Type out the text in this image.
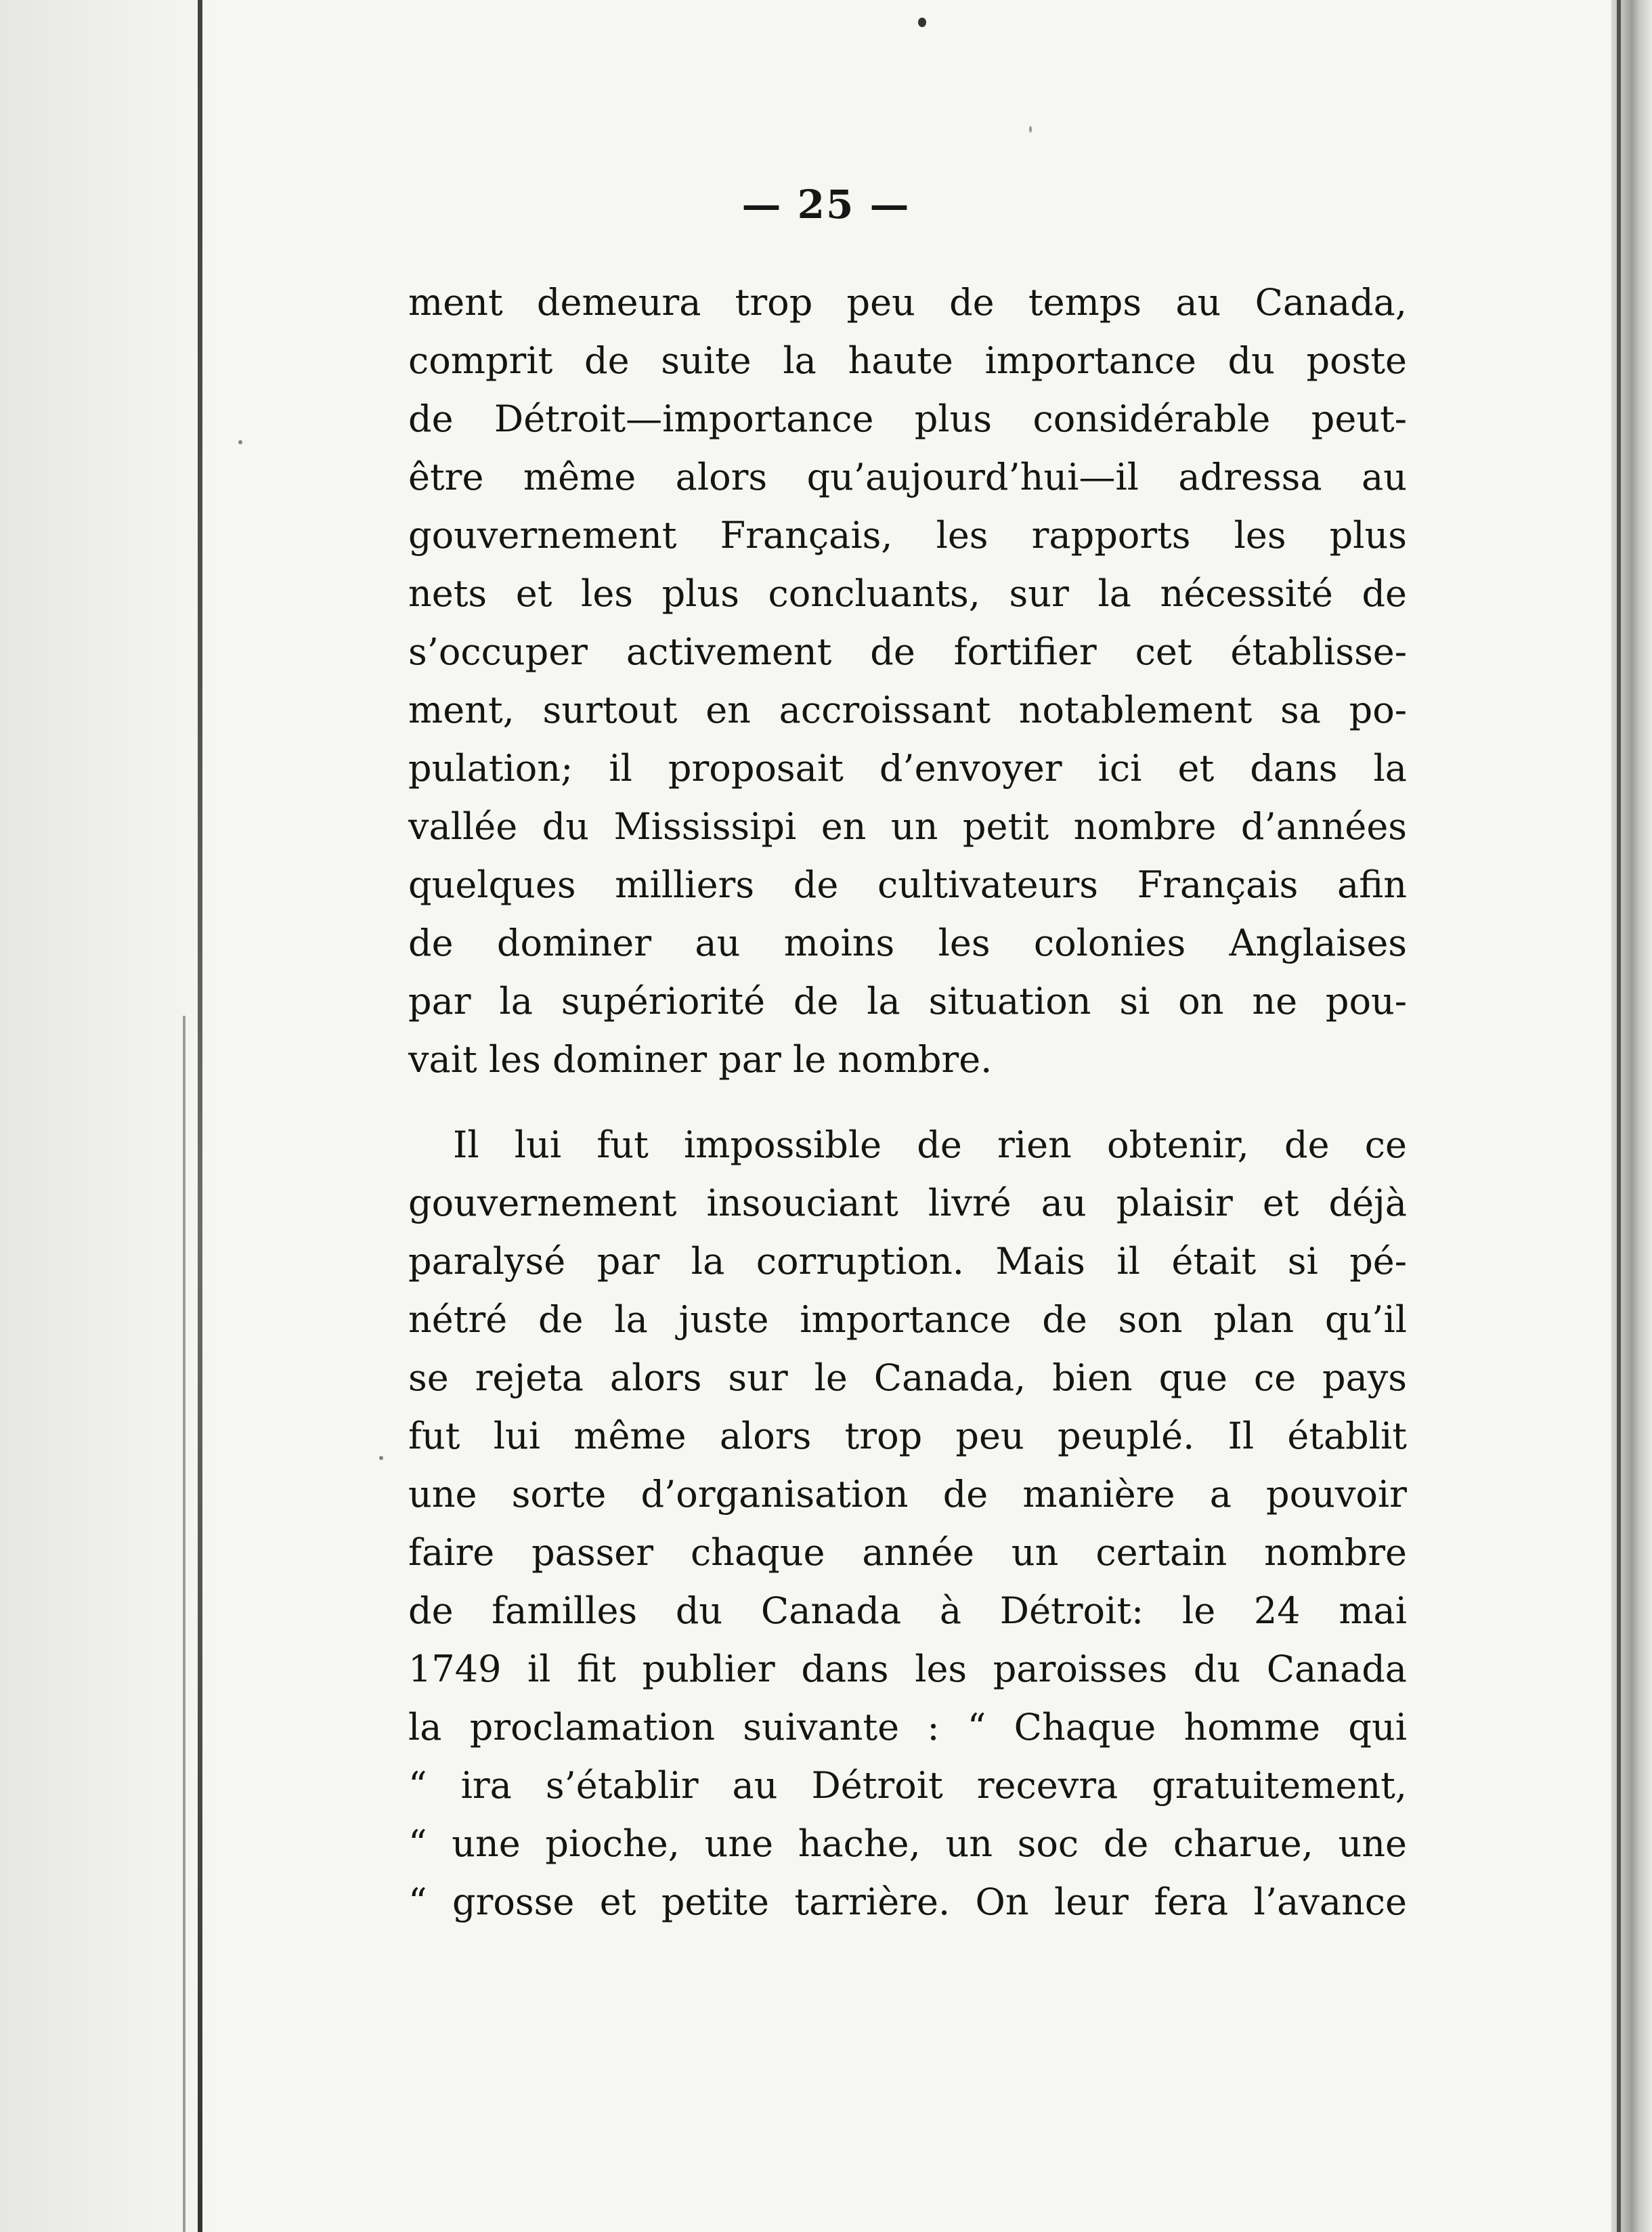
— 25 —
ment demeura trop peu de temps au Canada,
comprit de suite la haute importance du poste
de Détroit—importance plus considérable peut-
être même alors qu’aujourd’hui—il adressa au
gouvernement Français, les rapports les plus
nets et les plus concluants, sur la nécessité de
s’occuper activement de fortifier cet établisse-
ment, surtout en accroissant notablement sa po-
pulation; il proposait d’envoyer ici et dans la
vallée du Mississipi en un petit nombre d’années
quelques milliers de cultivateurs Français afin
de dominer au moins les colonies Anglaises
par la supériorité de la situation si on ne pou-
vait les dominer par le nombre.
Il lui fut impossible de rien obtenir, de ce
gouvernement insouciant livré au plaisir et déjà
paralysé par la corruption. Mais il était si pé-
nétré de la juste importance de son plan qu’il
se rejeta alors sur le Canada, bien que ce pays
fut lui même alors trop peu peuplé. Il établit
une sorte d’organisation de manière a pouvoir
faire passer chaque année un certain nombre
de familles du Canada à Détroit: le 24 mai
1749 il fit publier dans les paroisses du Canada
la proclamation suivante : “ Chaque homme qui
“ ira s’établir au Détroit recevra gratuitement,
“ une pioche, une hache, un soc de charue, une
“ grosse et petite tarrière. On leur fera l’avance
